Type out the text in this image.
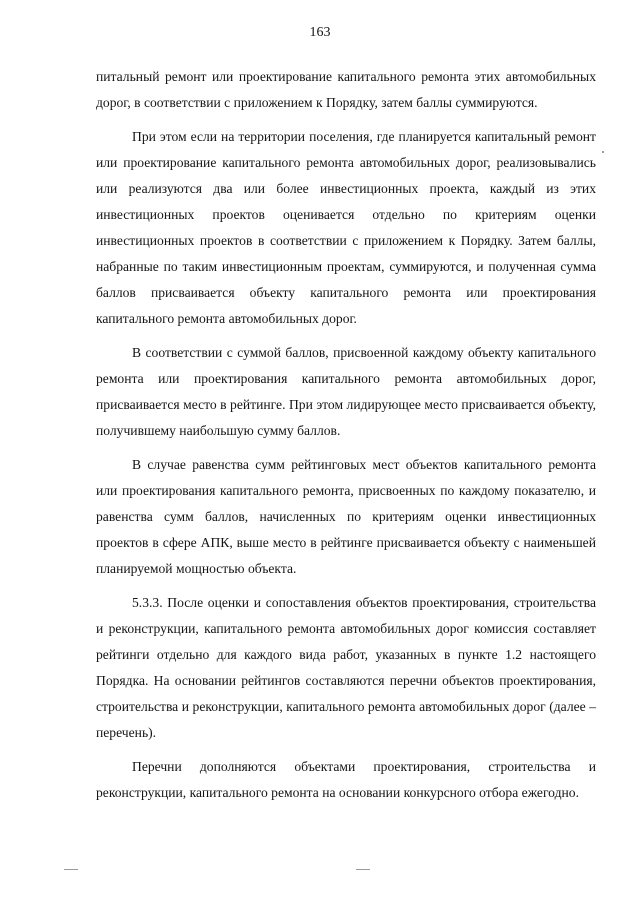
163

питальный ремонт или проектирование капитального ремонта этих автомобильных дорог, в соответствии с приложением к Порядку, затем баллы суммируются.

При этом если на территории поселения, где планируется капитальный ремонт или проектирование капитального ремонта автомобильных дорог, реализовывались или реализуются два или более инвестиционных проекта, каждый из этих инвестиционных проектов оценивается отдельно по критериям оценки инвестиционных проектов в соответствии с приложением к Порядку. Затем баллы, набранные по таким инвестиционным проектам, суммируются, и полученная сумма баллов присваивается объекту капитального ремонта или проектирования капитального ремонта автомобильных дорог.

В соответствии с суммой баллов, присвоенной каждому объекту капитального ремонта или проектирования капитального ремонта автомобильных дорог, присваивается место в рейтинге. При этом лидирующее место присваивается объекту, получившему наибольшую сумму баллов.

В случае равенства сумм рейтинговых мест объектов капитального ремонта или проектирования капитального ремонта, присвоенных по каждому показателю, и равенства сумм баллов, начисленных по критериям оценки инвестиционных проектов в сфере АПК, выше место в рейтинге присваивается объекту с наименьшей планируемой мощностью объекта.

5.3.3. После оценки и сопоставления объектов проектирования, строительства и реконструкции, капитального ремонта автомобильных дорог комиссия составляет рейтинги отдельно для каждого вида работ, указанных в пункте 1.2 настоящего Порядка. На основании рейтингов составляются перечни объектов проектирования, строительства и реконструкции, капитального ремонта автомобильных дорог (далее – перечень).

Перечни дополняются объектами проектирования, строительства и реконструкции, капитального ремонта на основании конкурсного отбора ежегодно.
